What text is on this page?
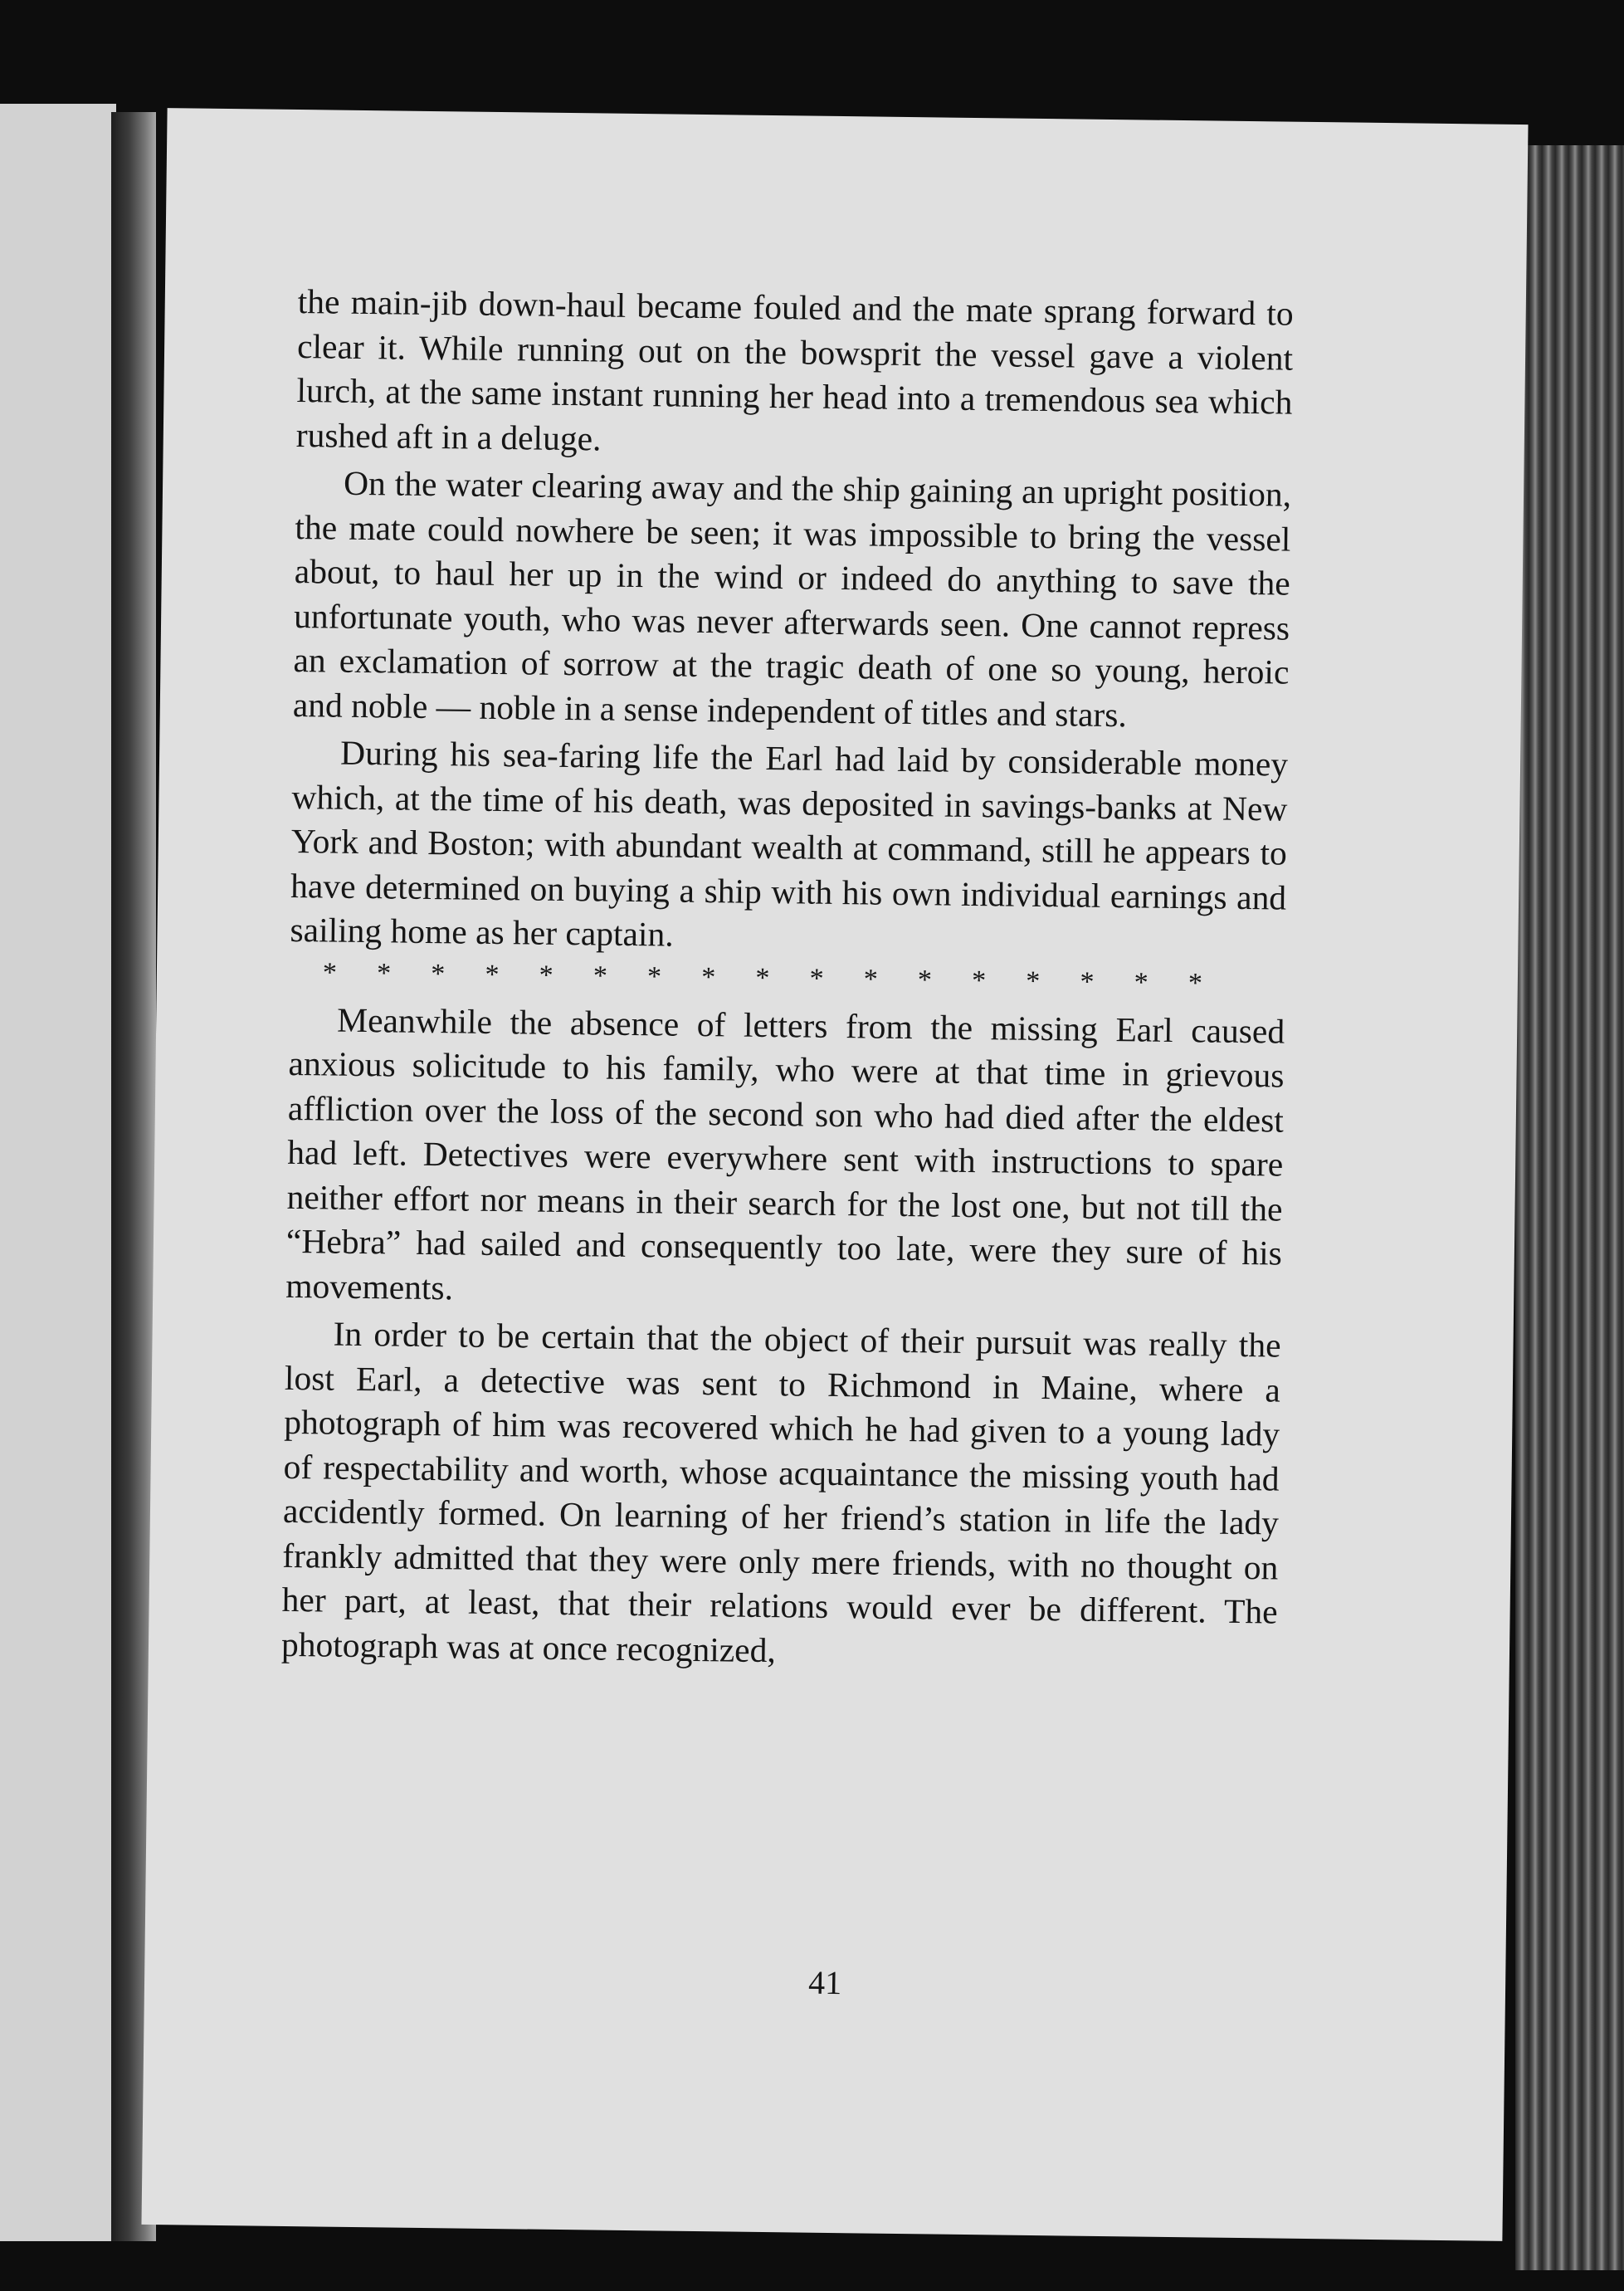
the main-jib down-haul became fouled and the mate sprang forward to clear it. While running out on the bowsprit the vessel gave a violent lurch, at the same instant running her head into a tremendous sea which rushed aft in a deluge.

On the water clearing away and the ship gaining an upright position, the mate could nowhere be seen; it was impossible to bring the vessel about, to haul her up in the wind or indeed do anything to save the unfortunate youth, who was never afterwards seen. One cannot repress an exclamation of sorrow at the tragic death of one so young, heroic and noble — noble in a sense independent of titles and stars.

During his sea-faring life the Earl had laid by considerable money which, at the time of his death, was deposited in savings-banks at New York and Boston; with abundant wealth at command, still he appears to have determined on buying a ship with his own individual earnings and sailing home as her captain.

* * * * * * * * * * * * * * * * *

Meanwhile the absence of letters from the missing Earl caused anxious solicitude to his family, who were at that time in grievous affliction over the loss of the second son who had died after the eldest had left. Detectives were everywhere sent with instructions to spare neither effort nor means in their search for the lost one, but not till the “Hebra” had sailed and consequently too late, were they sure of his movements.

In order to be certain that the object of their pursuit was really the lost Earl, a detective was sent to Richmond in Maine, where a photograph of him was recovered which he had given to a young lady of respectability and worth, whose acquaintance the missing youth had accidently formed. On learning of her friend’s station in life the lady frankly admitted that they were only mere friends, with no thought on her part, at least, that their relations would ever be different. The photograph was at once recognized,

41
